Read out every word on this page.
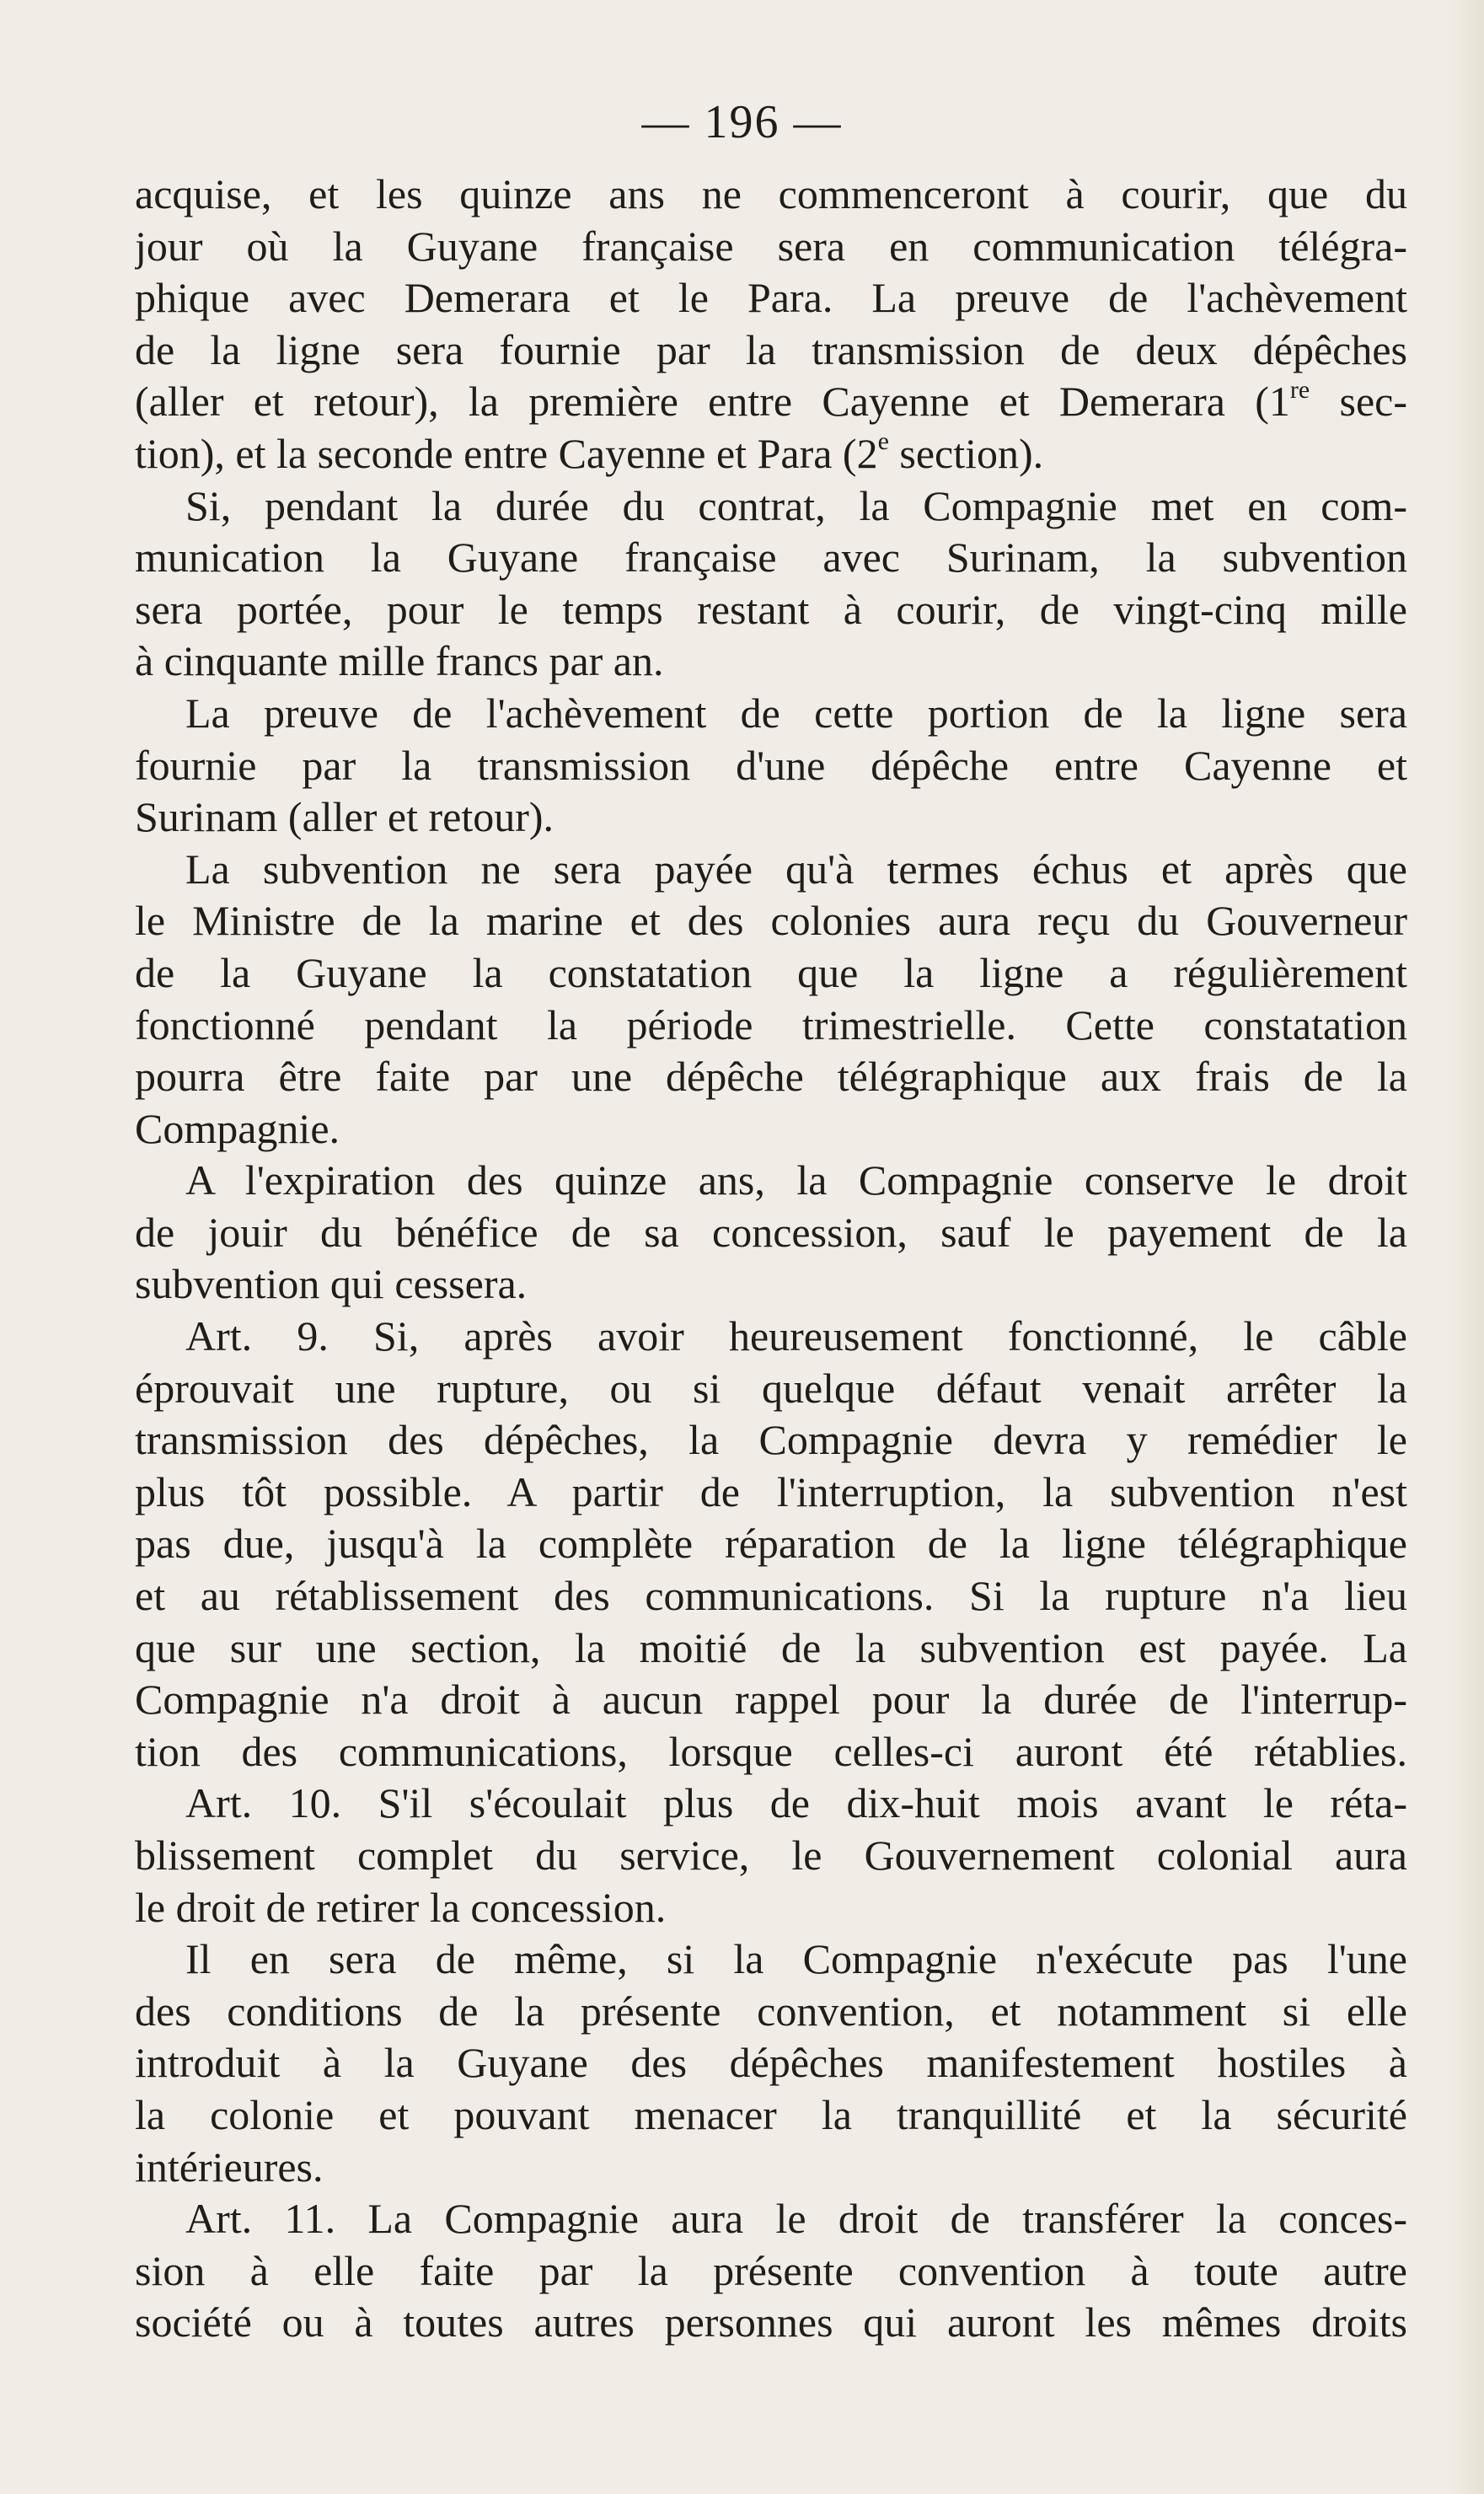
— 196 —
acquise, et les quinze ans ne commenceront à courir, que du
jour où la Guyane française sera en communication télégra-
phique avec Demerara et le Para. La preuve de l'achèvement
de la ligne sera fournie par la transmission de deux dépêches
(aller et retour), la première entre Cayenne et Demerara (1re sec-
tion), et la seconde entre Cayenne et Para (2e section).
Si, pendant la durée du contrat, la Compagnie met en com-
munication la Guyane française avec Surinam, la subvention
sera portée, pour le temps restant à courir, de vingt-cinq mille
à cinquante mille francs par an.
La preuve de l'achèvement de cette portion de la ligne sera
fournie par la transmission d'une dépêche entre Cayenne et
Surinam (aller et retour).
La subvention ne sera payée qu'à termes échus et après que
le Ministre de la marine et des colonies aura reçu du Gouverneur
de la Guyane la constatation que la ligne a régulièrement
fonctionné pendant la période trimestrielle. Cette constatation
pourra être faite par une dépêche télégraphique aux frais de la
Compagnie.
A l'expiration des quinze ans, la Compagnie conserve le droit
de jouir du bénéfice de sa concession, sauf le payement de la
subvention qui cessera.
Art. 9. Si, après avoir heureusement fonctionné, le câble
éprouvait une rupture, ou si quelque défaut venait arrêter la
transmission des dépêches, la Compagnie devra y remédier le
plus tôt possible. A partir de l'interruption, la subvention n'est
pas due, jusqu'à la complète réparation de la ligne télégraphique
et au rétablissement des communications. Si la rupture n'a lieu
que sur une section, la moitié de la subvention est payée. La
Compagnie n'a droit à aucun rappel pour la durée de l'interrup-
tion des communications, lorsque celles-ci auront été rétablies.
Art. 10. S'il s'écoulait plus de dix-huit mois avant le réta-
blissement complet du service, le Gouvernement colonial aura
le droit de retirer la concession.
Il en sera de même, si la Compagnie n'exécute pas l'une
des conditions de la présente convention, et notamment si elle
introduit à la Guyane des dépêches manifestement hostiles à
la colonie et pouvant menacer la tranquillité et la sécurité
intérieures.
Art. 11. La Compagnie aura le droit de transférer la conces-
sion à elle faite par la présente convention à toute autre
société ou à toutes autres personnes qui auront les mêmes droits
